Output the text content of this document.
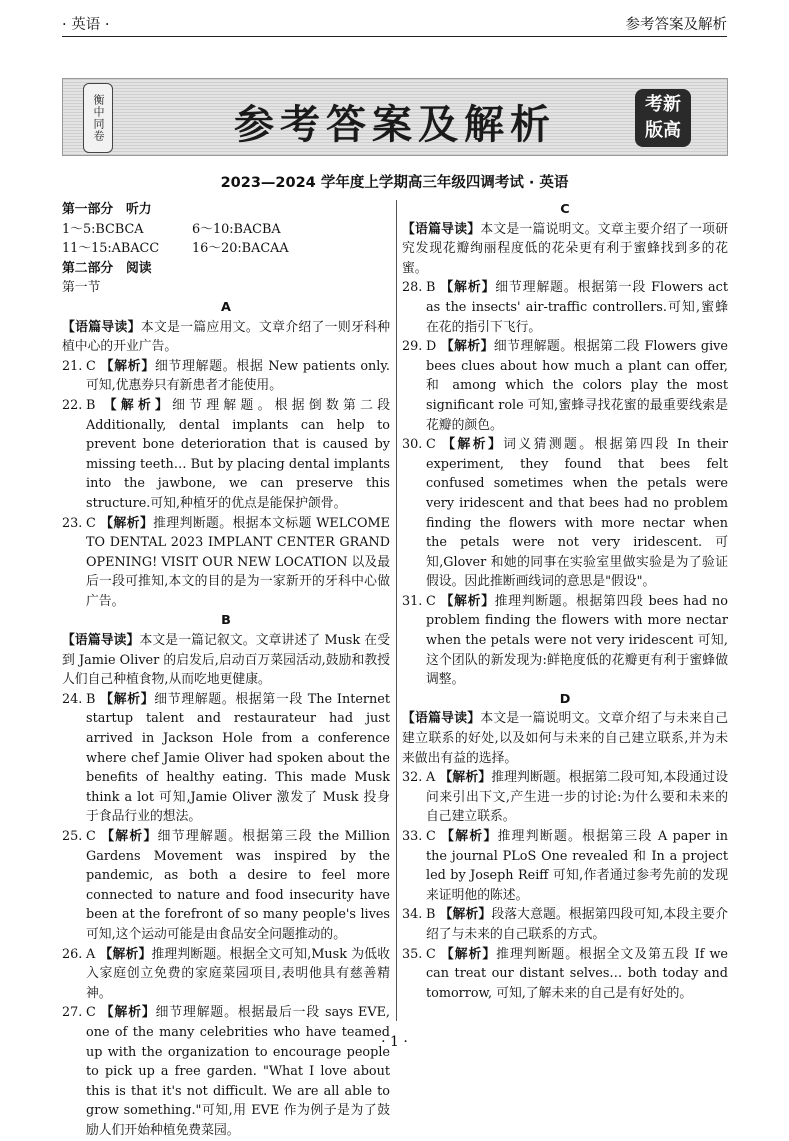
· 英语 ·	参考答案及解析
衡中同卷	参考答案及解析	考新 版高
2023—2024 学年度上学期高三年级四调考试 · 英语
第一部分　听力
1～5:BCBCA	6～10:BACBA
11～15:ABACC	16～20:BACAA
第二部分　阅读
第一节
A
【语篇导读】本文是一篇应用文。文章介绍了一则牙科种植中心的开业广告。
21. C 【解析】细节理解题。根据 New patients only. 可知,优惠券只有新患者才能使用。
22. B 【解析】细节理解题。根据倒数第二段 Additionally, dental implants can help to prevent bone deterioration that is caused by missing teeth… But by placing dental implants into the jawbone, we can preserve this structure.可知,种植牙的优点是能保护颌骨。
23. C 【解析】推理判断题。根据本文标题 WELCOME TO DENTAL 2023 IMPLANT CENTER GRAND OPENING! VISIT OUR NEW LOCATION 以及最后一段可推知,本文的目的是为一家新开的牙科中心做广告。
B
【语篇导读】本文是一篇记叙文。文章讲述了 Musk 在受到 Jamie Oliver 的启发后,启动百万菜园活动,鼓励和教授人们自己种植食物,从而吃地更健康。
24. B 【解析】细节理解题。根据第一段 The Internet startup talent and restaurateur had just arrived in Jackson Hole from a conference where chef Jamie Oliver had spoken about the benefits of healthy eating. This made Musk think a lot 可知,Jamie Oliver 激发了 Musk 投身于食品行业的想法。
25. C 【解析】细节理解题。根据第三段 the Million Gardens Movement was inspired by the pandemic, as both a desire to feel more connected to nature and food insecurity have been at the forefront of so many people's lives 可知,这个运动可能是由食品安全问题推动的。
26. A 【解析】推理判断题。根据全文可知,Musk 为低收入家庭创立免费的家庭菜园项目,表明他具有慈善精神。
27. C 【解析】细节理解题。根据最后一段 says EVE, one of the many celebrities who have teamed up with the organization to encourage people to pick up a free garden. "What I love about this is that it's not difficult. We are all able to grow something."可知,用 EVE 作为例子是为了鼓励人们开始种植免费菜园。
C
【语篇导读】本文是一篇说明文。文章主要介绍了一项研究发现花瓣绚丽程度低的花朵更有利于蜜蜂找到多的花蜜。
28. B 【解析】细节理解题。根据第一段 Flowers act as the insects' air-traffic controllers.可知,蜜蜂在花的指引下飞行。
29. D 【解析】细节理解题。根据第二段 Flowers give bees clues about how much a plant can offer, 和 among which the colors play the most significant role 可知,蜜蜂寻找花蜜的最重要线索是花瓣的颜色。
30. C 【解析】词义猜测题。根据第四段 In their experiment, they found that bees felt confused sometimes when the petals were very iridescent and that bees had no problem finding the flowers with more nectar when the petals were not very iridescent. 可知,Glover 和她的同事在实验室里做实验是为了验证假设。因此推断画线词的意思是"假设"。
31. C 【解析】推理判断题。根据第四段 bees had no problem finding the flowers with more nectar when the petals were not very iridescent 可知,这个团队的新发现为:鲜艳度低的花瓣更有利于蜜蜂做调整。
D
【语篇导读】本文是一篇说明文。文章介绍了与未来自己建立联系的好处,以及如何与未来的自己建立联系,并为未来做出有益的选择。
32. A 【解析】推理判断题。根据第二段可知,本段通过设问来引出下文,产生进一步的讨论:为什么要和未来的自己建立联系。
33. C 【解析】推理判断题。根据第三段 A paper in the journal PLoS One revealed 和 In a project led by Joseph Reiff 可知,作者通过参考先前的发现来证明他的陈述。
34. B 【解析】段落大意题。根据第四段可知,本段主要介绍了与未来的自己联系的方式。
35. C 【解析】推理判断题。根据全文及第五段 If we can treat our distant selves… both today and tomorrow, 可知,了解未来的自己是有好处的。
· 1 ·
